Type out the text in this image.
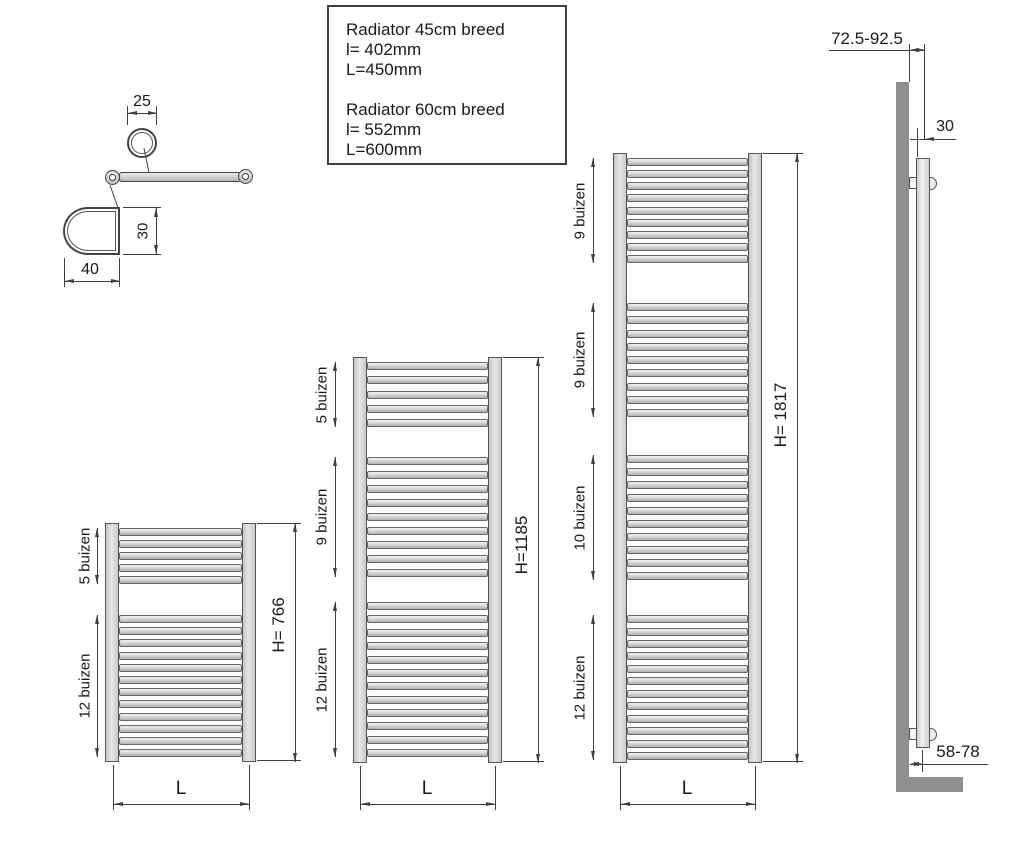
Radiator 45cm breed
l= 402mm
L=450mm
Radiator 60cm breed
l= 552mm
L=600mm
25
30
40
5 buizen
12 buizen
H= 766
L
5 buizen
9 buizen
12 buizen
H=1185
L
9 buizen
9 buizen
10 buizen
12 buizen
H= 1817
L
72.5-92.5
30
58-78
